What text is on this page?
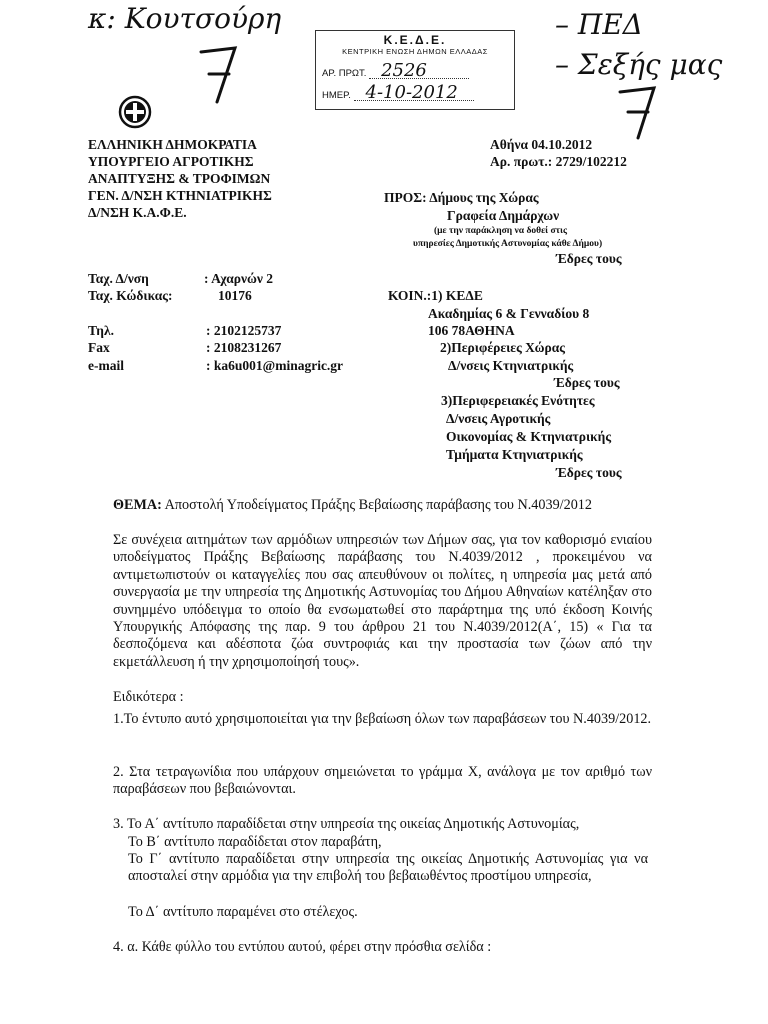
κ: Κουτσούρη	– ΠΕΔ
– Σεξής μας
Κ.Ε.Δ.Ε.
ΚΕΝΤΡΙΚΗ ΕΝΩΣΗ ΔΗΜΩΝ ΕΛΛΑΔΑΣ
ΑΡ. ΠΡΩΤ. 2526
ΗΜΕΡ. 4-10-2012
ΕΛΛΗΝΙΚΗ ΔΗΜΟΚΡΑΤΙΑ
ΥΠΟΥΡΓΕΙΟ ΑΓΡΟΤΙΚΗΣ
ΑΝΑΠΤΥΞΗΣ & ΤΡΟΦΙΜΩΝ
ΓΕΝ. Δ/ΝΣΗ ΚΤΗΝΙΑΤΡΙΚΗΣ
Δ/ΝΣΗ Κ.Α.Φ.Ε.
Αθήνα 04.10.2012
Αρ. πρωτ.: 2729/102212
ΠΡΟΣ: Δήμους της Χώρας
Γραφεία Δημάρχων
(με την παράκληση να δοθεί στις
υπηρεσίες Δημοτικής Αστυνομίας κάθε Δήμου)
Έδρες τους
Ταχ. Δ/νση	: Αχαρνών 2
Ταχ. Κώδικας:	10176
Τηλ.	: 2102125737
Fax	: 2108231267
e-mail	: ka6u001@minagric.gr
ΚΟΙΝ.:1) ΚΕΔΕ
Ακαδημίας 6 & Γενναδίου 8
106 78ΑΘΗΝΑ
2)Περιφέρειες Χώρας
Δ/νσεις Κτηνιατρικής
Έδρες τους
3)Περιφερειακές Ενότητες
Δ/νσεις Αγροτικής
Οικονομίας & Κτηνιατρικής
Τμήματα Κτηνιατρικής
Έδρες τους
ΘΕΜΑ: Αποστολή Υποδείγματος Πράξης Βεβαίωσης παράβασης του Ν.4039/2012
Σε συνέχεια αιτημάτων των αρμόδιων υπηρεσιών των Δήμων σας, για τον καθορισμό ενιαίου υποδείγματος Πράξης Βεβαίωσης παράβασης του Ν.4039/2012 , προκειμένου να αντιμετωπιστούν οι καταγγελίες που σας απευθύνουν οι πολίτες, η υπηρεσία μας μετά από συνεργασία με την υπηρεσία της Δημοτικής Αστυνομίας του Δήμου Αθηναίων κατέληξαν στο συνημμένο υπόδειγμα το οποίο θα ενσωματωθεί στο παράρτημα της υπό έκδοση Κοινής Υπουργικής Απόφασης της παρ. 9 του άρθρου 21 του Ν.4039/2012(Α΄, 15) « Για τα δεσποζόμενα και αδέσποτα ζώα συντροφιάς και την προστασία των ζώων από την εκμετάλλευση ή την χρησιμοποίησή τους».
Ειδικότερα :
1.Το έντυπο αυτό χρησιμοποιείται για την βεβαίωση όλων των παραβάσεων του Ν.4039/2012.
2. Στα τετραγωνίδια που υπάρχουν σημειώνεται το γράμμα Χ, ανάλογα με τον αριθμό των παραβάσεων που βεβαιώνονται.
3. Το Α΄ αντίτυπο παραδίδεται στην υπηρεσία της οικείας Δημοτικής Αστυνομίας,
Το Β΄ αντίτυπο παραδίδεται στον παραβάτη,
Το Γ΄ αντίτυπο παραδίδεται στην υπηρεσία της οικείας Δημοτικής Αστυνομίας για να αποσταλεί στην αρμόδια για την επιβολή του βεβαιωθέντος προστίμου υπηρεσία,
Το Δ΄ αντίτυπο παραμένει στο στέλεχος.
4. α. Κάθε φύλλο του εντύπου αυτού, φέρει στην πρόσθια σελίδα :
